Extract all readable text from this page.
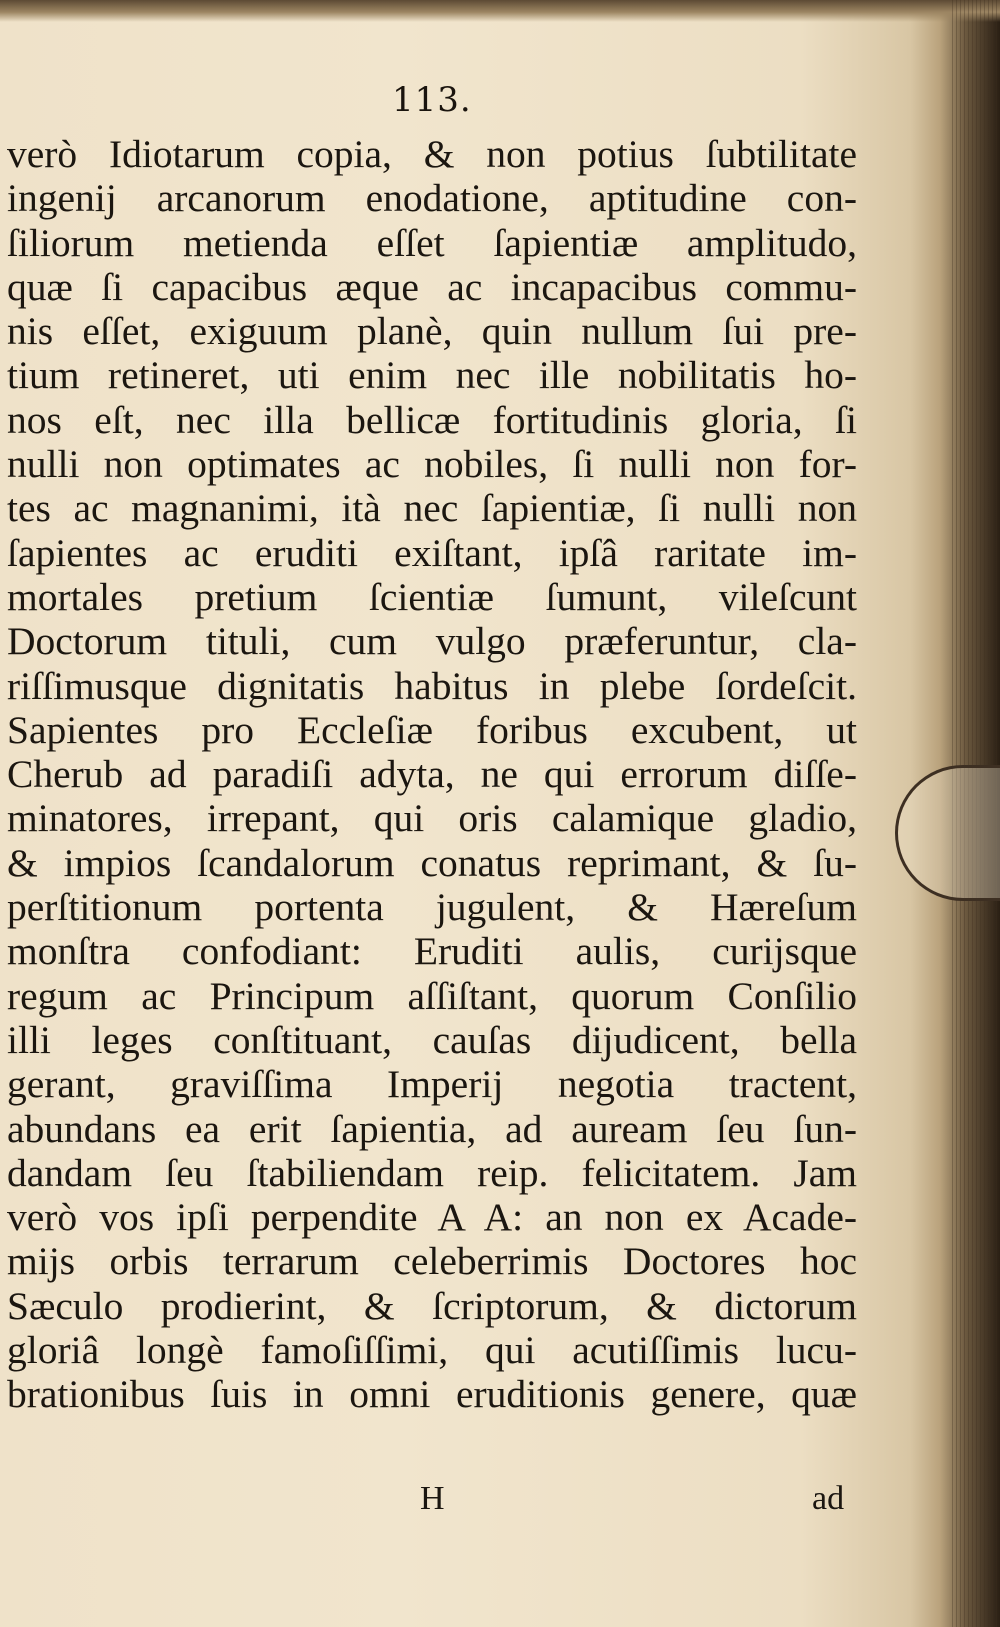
113.
verò Idiotarum copia, & non potius ſubtilitate
ingenij arcanorum enodatione, aptitudine con-
ſiliorum metienda eſſet ſapientiæ amplitudo,
quæ ſi capacibus æque ac incapacibus commu-
nis eſſet, exiguum planè, quin nullum ſui pre-
tium retineret, uti enim nec ille nobilitatis ho-
nos eſt, nec illa bellicæ fortitudinis gloria, ſi
nulli non optimates ac nobiles, ſi nulli non for-
tes ac magnanimi, ità nec ſapientiæ, ſi nulli non
ſapientes ac eruditi exiſtant, ipſâ raritate im-
mortales pretium ſcientiæ ſumunt, vileſcunt
Doctorum tituli, cum vulgo præferuntur, cla-
riſſimusque dignitatis habitus in plebe ſordeſcit.
Sapientes pro Eccleſiæ foribus excubent, ut
Cherub ad paradiſi adyta, ne qui errorum diſſe-
minatores, irrepant, qui oris calamique gladio,
& impios ſcandalorum conatus reprimant, & ſu-
perſtitionum portenta jugulent, & Hæreſum
monſtra confodiant: Eruditi aulis, curijsque
regum ac Principum aſſiſtant, quorum Conſilio
illi leges conſtituant, cauſas dijudicent, bella
gerant, graviſſima Imperij negotia tractent,
abundans ea erit ſapientia, ad auream ſeu ſun-
dandam ſeu ſtabiliendam reip. felicitatem. Jam
verò vos ipſi perpendite A A: an non ex Acade-
mijs orbis terrarum celeberrimis Doctores hoc
Sæculo prodierint, & ſcriptorum, & dictorum
gloriâ longè famoſiſſimi, qui acutiſſimis lucu-
brationibus ſuis in omni eruditionis genere, quæ
H	ad
